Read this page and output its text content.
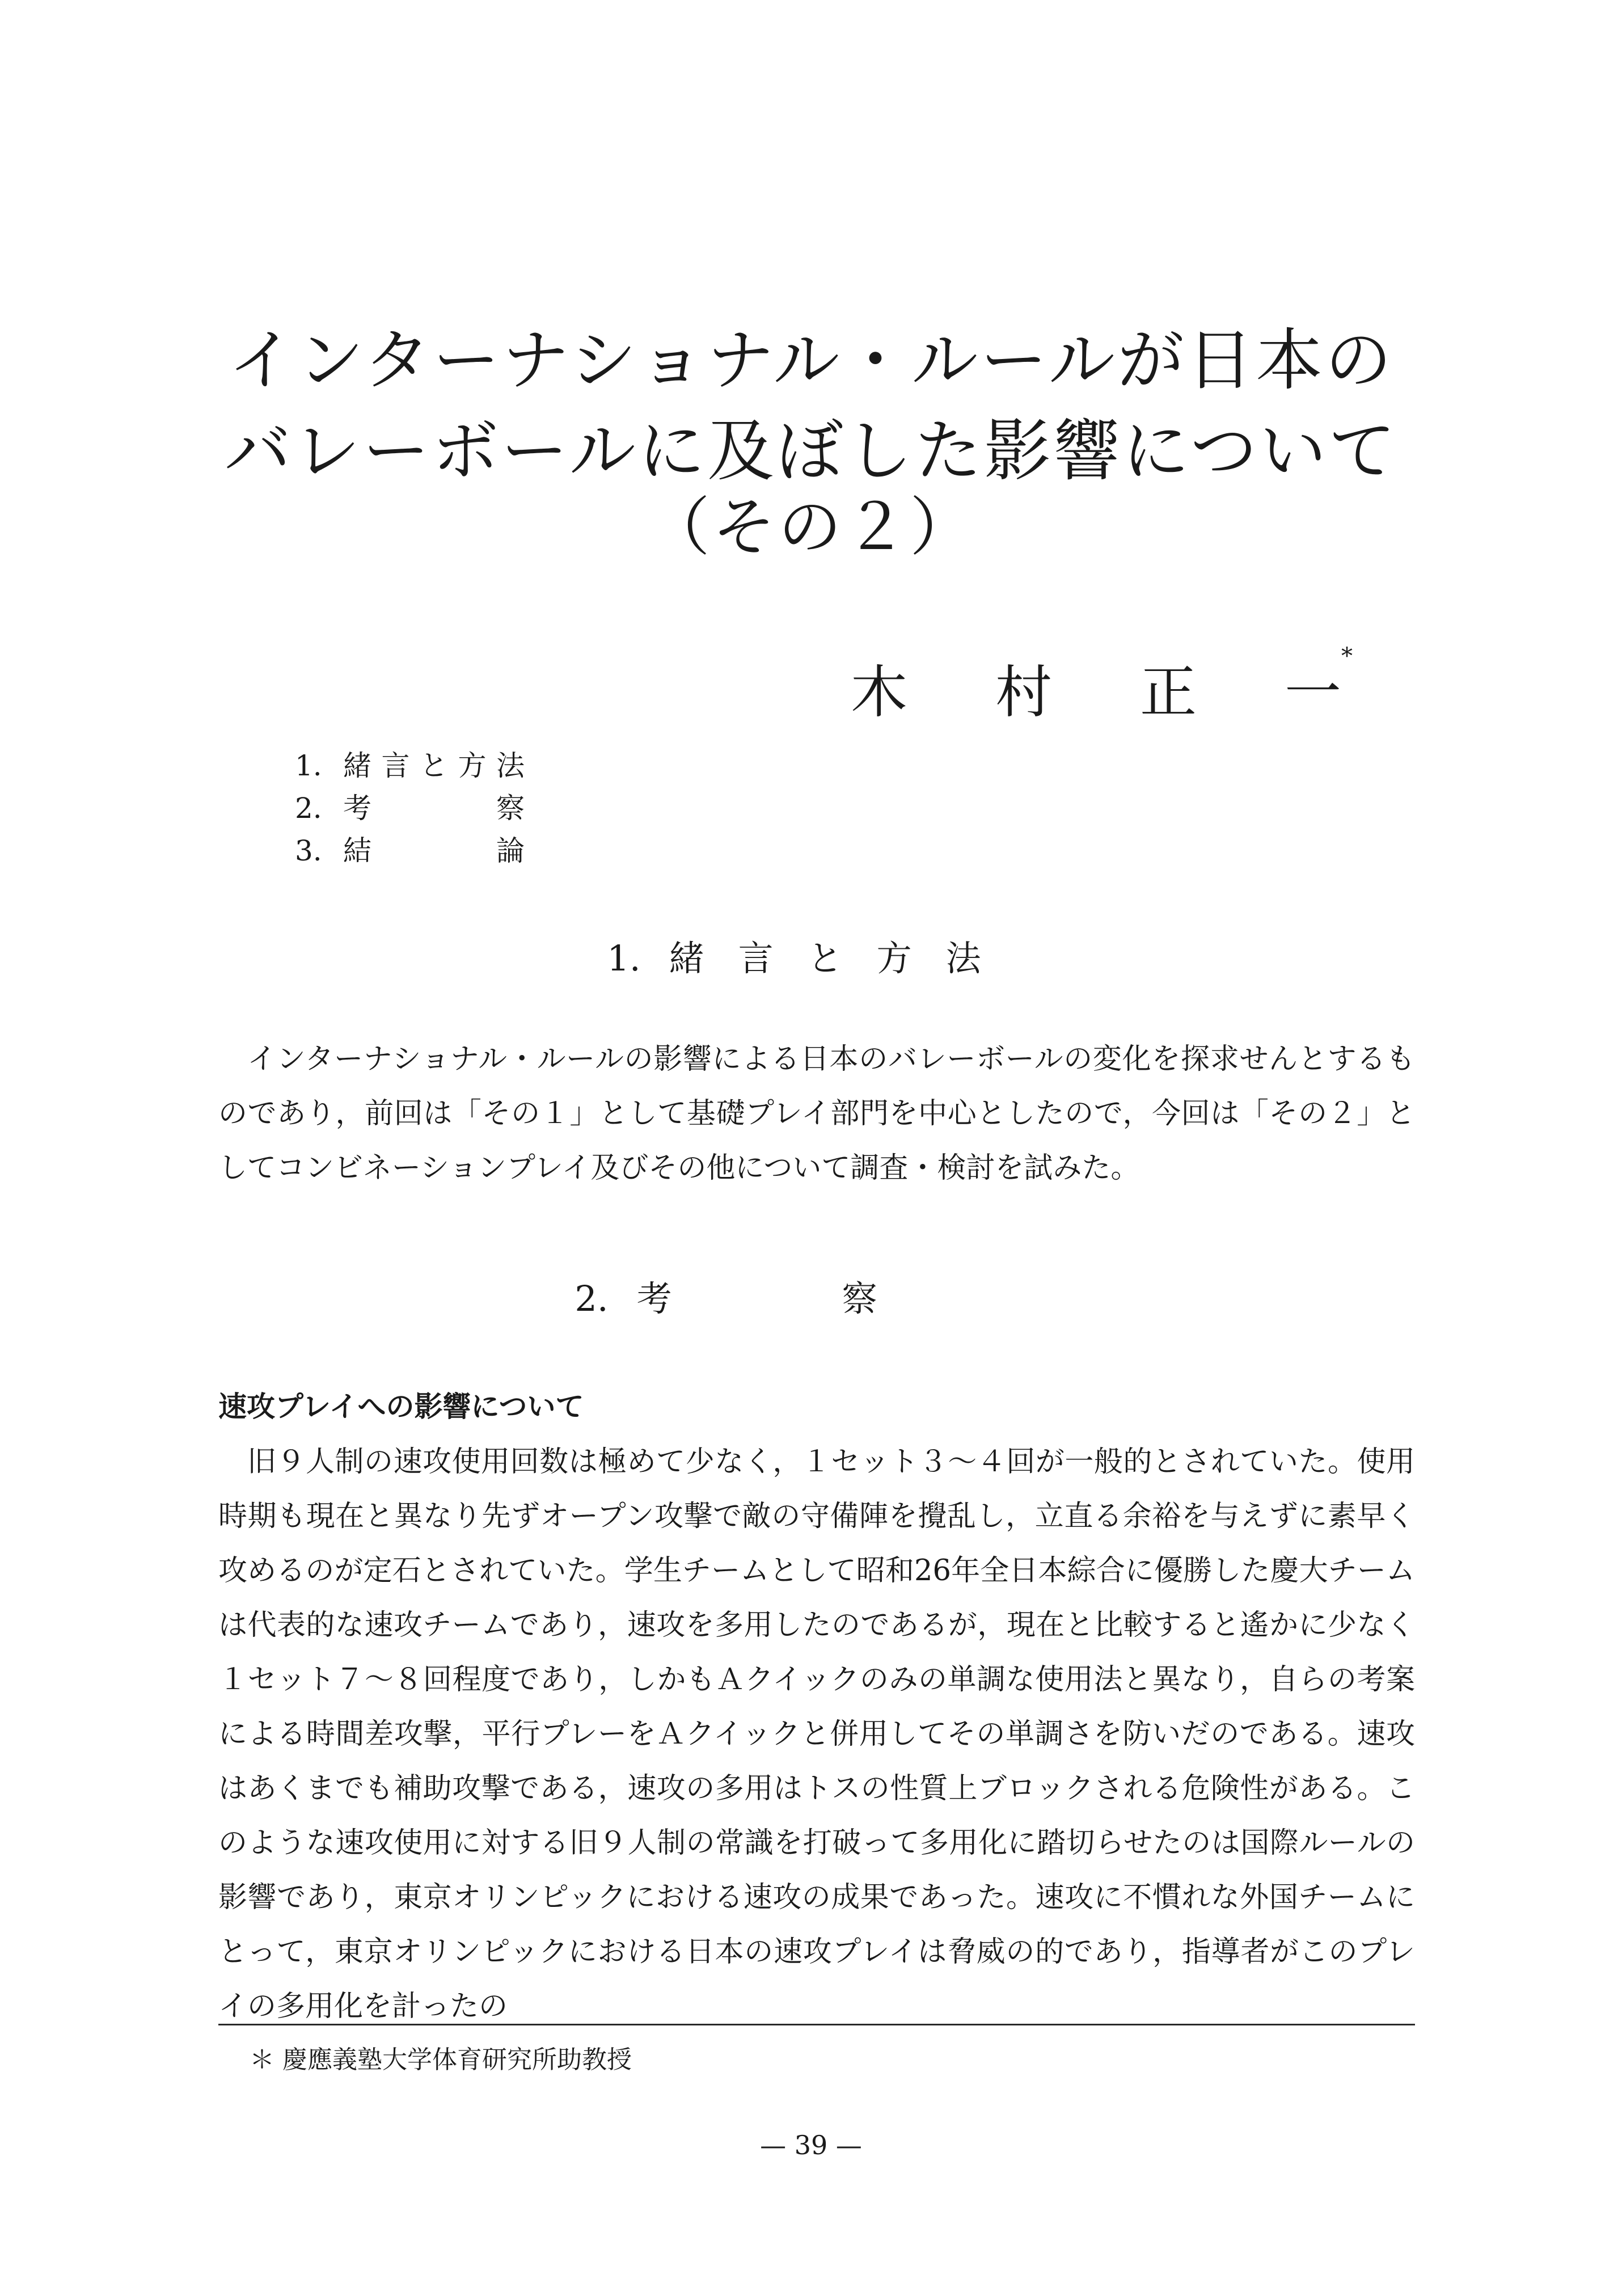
インターナショナル・ルールが日本の
バレーボールに及ぼした影響について
（その２）
木 村 正 一*
1. 緒言と方法
2. 考察
3. 結論
1. 緒言と方法
インターナショナル・ルールの影響による日本のバレーボールの変化を探求せんとするものであり，前回は「その１」として基礎プレイ部門を中心としたので，今回は「その２」としてコンビネーションプレイ及びその他について調査・検討を試みた。
2. 考察
速攻プレイへの影響について
旧９人制の速攻使用回数は極めて少なく，１セット３～４回が一般的とされていた。使用時期も現在と異なり先ずオープン攻撃で敵の守備陣を攪乱し，立直る余裕を与えずに素早く攻めるのが定石とされていた。学生チームとして昭和26年全日本綜合に優勝した慶大チームは代表的な速攻チームであり，速攻を多用したのであるが，現在と比較すると遙かに少なく１セット７～８回程度であり，しかもＡクイックのみの単調な使用法と異なり，自らの考案による時間差攻撃，平行プレーをＡクイックと併用してその単調さを防いだのである。速攻はあくまでも補助攻撃である，速攻の多用はトスの性質上ブロックされる危険性がある。このような速攻使用に対する旧９人制の常識を打破って多用化に踏切らせたのは国際ルールの影響であり，東京オリンピックにおける速攻の成果であった。速攻に不慣れな外国チームにとって，東京オリンピックにおける日本の速攻プレイは脅威の的であり，指導者がこのプレイの多用化を計ったの
＊ 慶應義塾大学体育研究所助教授
— 39 —
